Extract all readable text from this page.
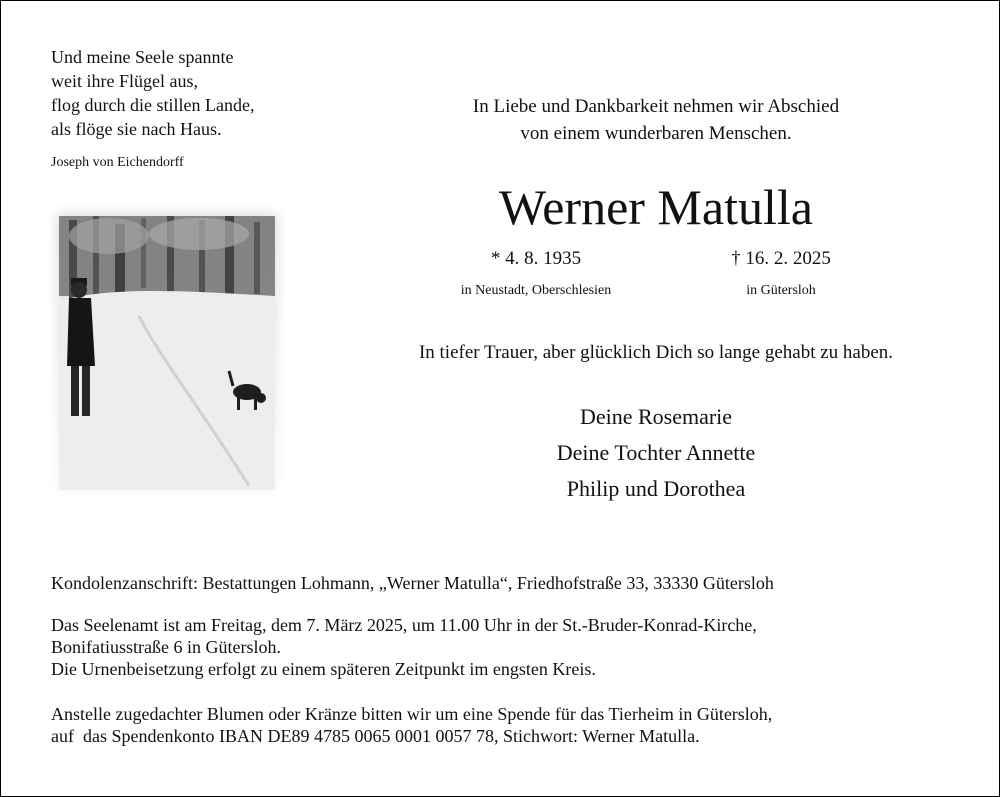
Und meine Seele spannte
weit ihre Flügel aus,
flog durch die stillen Lande,
als flöge sie nach Haus.
Joseph von Eichendorff
In Liebe und Dankbarkeit nehmen wir Abschied
von einem wunderbaren Menschen.
Werner Matulla
* 4. 8. 1935
in Neustadt, Oberschlesien
† 16. 2. 2025
in Gütersloh
In tiefer Trauer, aber glücklich Dich so lange gehabt zu haben.
Deine Rosemarie
Deine Tochter Annette
Philip und Dorothea
Kondolenzanschrift: Bestattungen Lohmann, „Werner Matulla“, Friedhofstraße 33, 33330 Gütersloh
Das Seelenamt ist am Freitag, dem 7. März 2025, um 11.00 Uhr in der St.-Bruder-Konrad-Kirche,
Bonifatiusstraße 6 in Gütersloh.
Die Urnenbeisetzung erfolgt zu einem späteren Zeitpunkt im engsten Kreis.
Anstelle zugedachter Blumen oder Kränze bitten wir um eine Spende für das Tierheim in Gütersloh,
auf  das Spendenkonto IBAN DE89 4785 0065 0001 0057 78, Stichwort: Werner Matulla.
